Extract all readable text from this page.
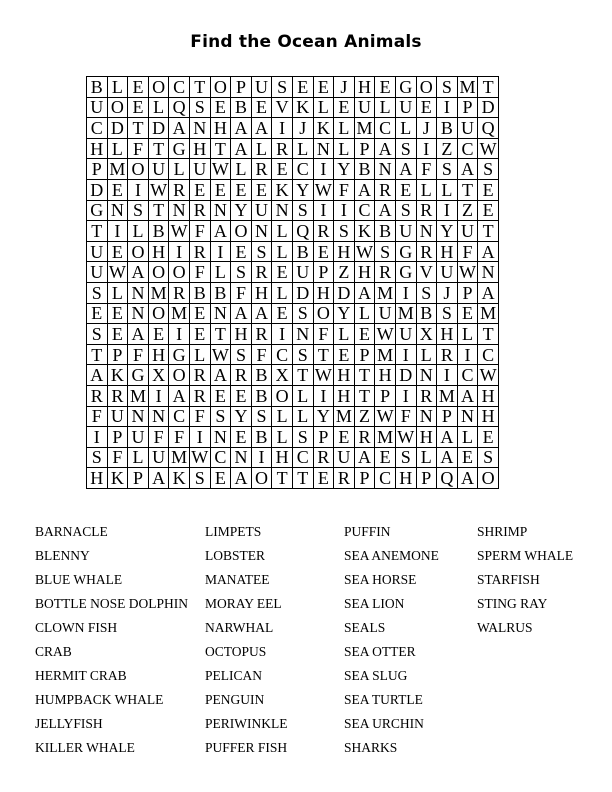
Find the Ocean Animals
B	L	E	O	C	T	O	P	U	S	E	E	J	H	E	G	O	S	M	T
U	O	E	L	Q	S	E	B	E	V	K	L	E	U	L	U	E	I	P	D
C	D	T	D	A	N	H	A	A	I	J	K	L	M	C	L	J	B	U	Q
H	L	F	T	G	H	T	A	L	R	L	N	L	P	A	S	I	Z	C	W
P	M	O	U	L	U	W	L	R	E	C	I	Y	B	N	A	F	S	A	S
D	E	I	W	R	E	E	E	E	K	Y	W	F	A	R	E	L	L	T	E
G	N	S	T	N	R	N	Y	U	N	S	I	I	C	A	S	R	I	Z	E
T	I	L	B	W	F	A	O	N	L	Q	R	S	K	B	U	N	Y	U	T
U	E	O	H	I	R	I	E	S	L	B	E	H	W	S	G	R	H	F	A
U	W	A	O	O	F	L	S	R	E	U	P	Z	H	R	G	V	U	W	N
S	L	N	M	R	B	B	F	H	L	D	H	D	A	M	I	S	J	P	A
E	E	N	O	M	E	N	A	A	E	S	O	Y	L	U	M	B	S	E	M
S	E	A	E	I	E	T	H	R	I	N	F	L	E	W	U	X	H	L	T
T	P	F	H	G	L	W	S	F	C	S	T	E	P	M	I	L	R	I	C
A	K	G	X	O	R	A	R	B	X	T	W	H	T	H	D	N	I	C	W
R	R	M	I	A	R	E	E	B	O	L	I	H	T	P	I	R	M	A	H
F	U	N	N	C	F	S	Y	S	L	L	Y	M	Z	W	F	N	P	N	H
I	P	U	F	F	I	N	E	B	L	S	P	E	R	M	W	H	A	L	E
S	F	L	U	M	W	C	N	I	H	C	R	U	A	E	S	L	A	E	S
H	K	P	A	K	S	E	A	O	T	T	E	R	P	C	H	P	Q	A	O
BARNACLE
BLENNY
BLUE WHALE
BOTTLE NOSE DOLPHIN
CLOWN FISH
CRAB
HERMIT CRAB
HUMPBACK WHALE
JELLYFISH
KILLER WHALE
LIMPETS
LOBSTER
MANATEE
MORAY EEL
NARWHAL
OCTOPUS
PELICAN
PENGUIN
PERIWINKLE
PUFFER FISH
PUFFIN
SEA ANEMONE
SEA HORSE
SEA LION
SEALS
SEA OTTER
SEA SLUG
SEA TURTLE
SEA URCHIN
SHARKS
SHRIMP
SPERM WHALE
STARFISH
STING RAY
WALRUS
